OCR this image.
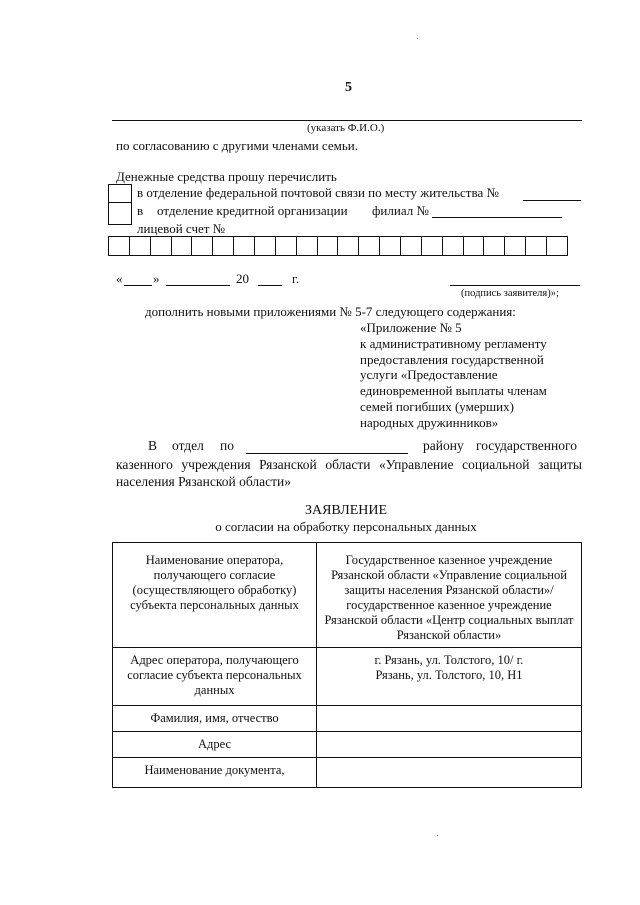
5
(указать Ф.И.О.)
по согласованию с другими членами семьи.
Денежные средства прошу перечислить
в отделение федеральной почтовой связи по месту жительства №
в отделение кредитной организации филиал №
лицевой счет №
« »	20	г.
(подпись заявителя)»;
дополнить новыми приложениями № 5-7 следующего содержания:
«Приложение № 5
к административному регламенту
предоставления государственной
услуги «Предоставление
единовременной выплаты членам
семей погибших (умерших)
народных дружинников»
В отдел по	району государственного
казенного учреждения Рязанской области «Управление социальной защиты
населения Рязанской области»
ЗАЯВЛЕНИЕ
о согласии на обработку персональных данных
Наименование оператора, получающего согласие (осуществляющего обработку) субъекта персональных данных	Государственное казенное учреждение Рязанской области «Управление социальной защиты населения Рязанской области»/ государственное казенное учреждение Рязанской области «Центр социальных выплат Рязанской области»
Адрес оператора, получающего согласие субъекта персональных данных	г. Рязань, ул. Толстого, 10/ г. Рязань, ул. Толстого, 10, Н1
Фамилия, имя, отчество	
Адрес	
Наименование документа,	
